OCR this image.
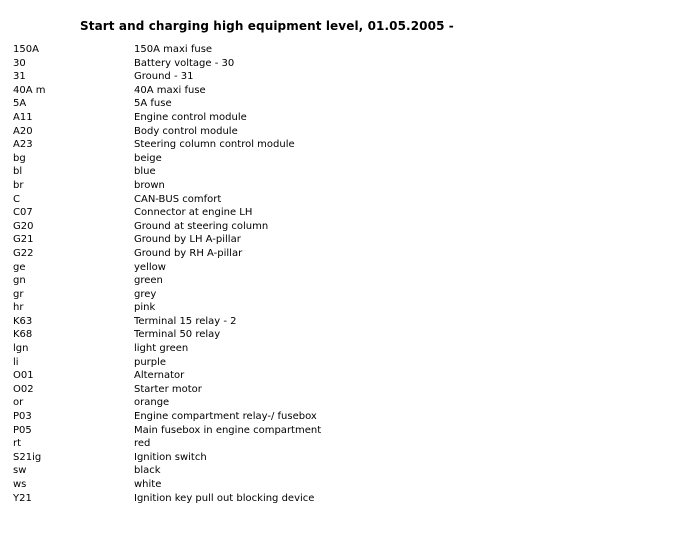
Start and charging high equipment level, 01.05.2005 -
150A	150A maxi fuse
30	Battery voltage - 30
31	Ground - 31
40A m	40A maxi fuse
5A	5A fuse
A11	Engine control module
A20	Body control module
A23	Steering column control module
bg	beige
bl	blue
br	brown
C	CAN-BUS comfort
C07	Connector at engine LH
G20	Ground at steering column
G21	Ground by LH A-pillar
G22	Ground by RH A-pillar
ge	yellow
gn	green
gr	grey
hr	pink
K63	Terminal 15 relay - 2
K68	Terminal 50 relay
lgn	light green
li	purple
O01	Alternator
O02	Starter motor
or	orange
P03	Engine compartment relay-/ fusebox
P05	Main fusebox in engine compartment
rt	red
S21ig	Ignition switch
sw	black
ws	white
Y21	Ignition key pull out blocking device
